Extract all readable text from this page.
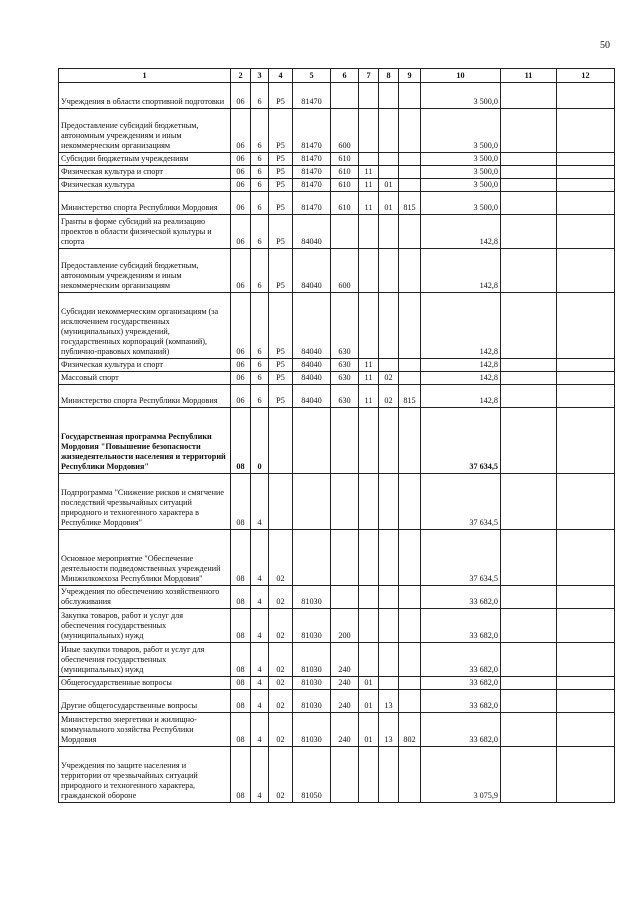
50
1	2	3	4	5	6	7	8	9	10	11	12
Учреждения в области спортивной подготовки	06	6	Р5	81470					3 500,0		
Предоставление субсидий бюджетным, автономным учреждениям и иным некоммерческим организациям	06	6	Р5	81470	600				3 500,0		
Субсидии бюджетным учреждениям	06	6	Р5	81470	610				3 500,0		
Физическая культура и спорт	06	6	Р5	81470	610	11			3 500,0		
Физическая культура	06	6	Р5	81470	610	11	01		3 500,0		
Министерство спорта Республики Мордовия	06	6	Р5	81470	610	11	01	815	3 500,0		
Гранты в форме субсидий на реализацию проектов в области физической культуры и спорта	06	6	Р5	84040					142,8		
Предоставление субсидий бюджетным, автономным учреждениям и иным некоммерческим организациям	06	6	Р5	84040	600				142,8		
Субсидии некоммерческим организациям (за исключением государственных (муниципальных) учреждений, государственных корпораций (компаний), публично-правовых компаний)	06	6	Р5	84040	630				142,8		
Физическая культура и спорт	06	6	Р5	84040	630	11			142,8		
Массовый спорт	06	6	Р5	84040	630	11	02		142,8		
Министерство спорта Республики Мордовия	06	6	Р5	84040	630	11	02	815	142,8		
Государственная программа Республики Мордовия "Повышение безопасности жизнедеятельности населения и территорий Республики Мордовия"	08	0							37 634,5		
Подпрограмма "Снижение рисков и смягчение последствий чрезвычайных ситуаций природного и техногенного характера в Республике Мордовия"	08	4							37 634,5		
Основное мероприятие "Обеспечение деятельности подведомственных учреждений Минжилкомхоза Республики Мордовия"	08	4	02						37 634,5		
Учреждения по обеспечению хозяйственного обслуживания	08	4	02	81030					33 682,0		
Закупка товаров, работ и услуг для обеспечения государственных (муниципальных) нужд	08	4	02	81030	200				33 682,0		
Иные закупки товаров, работ и услуг для обеспечения государственных (муниципальных) нужд	08	4	02	81030	240				33 682,0		
Общегосударственные вопросы	08	4	02	81030	240	01			33 682,0		
Другие общегосударственные вопросы	08	4	02	81030	240	01	13		33 682,0		
Министерство энергетики и жилищно-коммунального хозяйства Республики Мордовия	08	4	02	81030	240	01	13	802	33 682,0		
Учреждения по защите населения и территории от чрезвычайных ситуаций природного и техногенного характера, гражданской обороне	08	4	02	81050					3 075,9		
